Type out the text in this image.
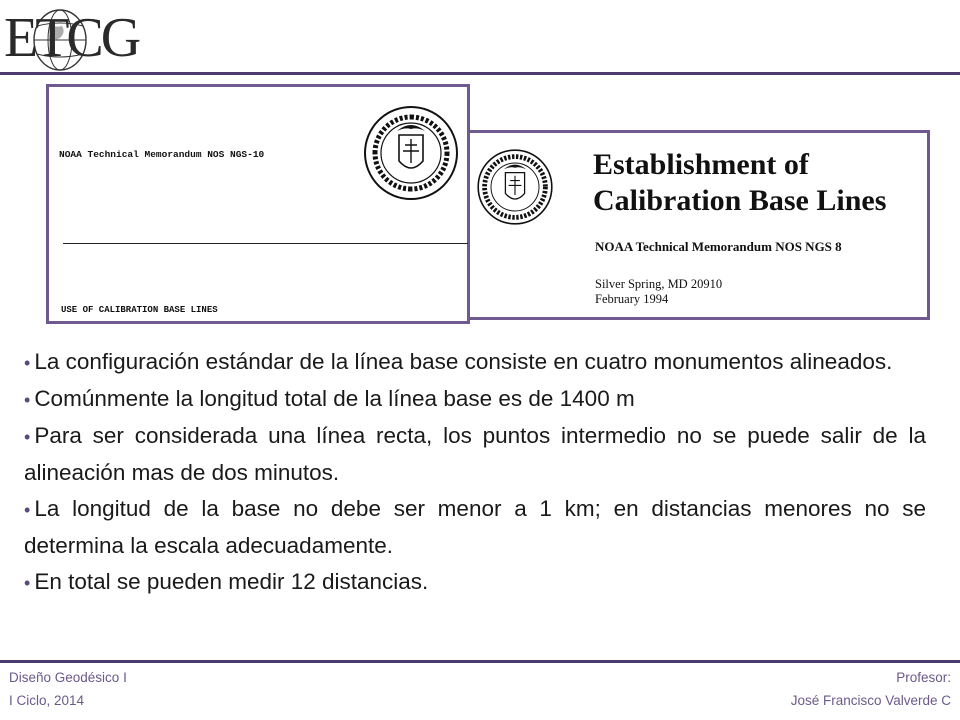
ETCG
NOAA Technical Memorandum NOS NGS-10
USE OF CALIBRATION BASE LINES
Establishment of
Calibration Base Lines
NOAA Technical Memorandum NOS NGS 8
Silver Spring, MD 20910
February 1994
• La configuración estándar de la línea base consiste en cuatro monumentos alineados.
• Comúnmente la longitud total de la línea base es de 1400 m
• Para ser considerada una línea recta, los puntos intermedio no se puede salir de la alineación mas de dos minutos.
• La longitud de la base no debe ser menor a 1 km; en distancias menores no se determina la escala adecuadamente.
• En total se pueden medir 12 distancias.
Diseño Geodésico I
I Ciclo, 2014
Profesor:
José Francisco Valverde C
